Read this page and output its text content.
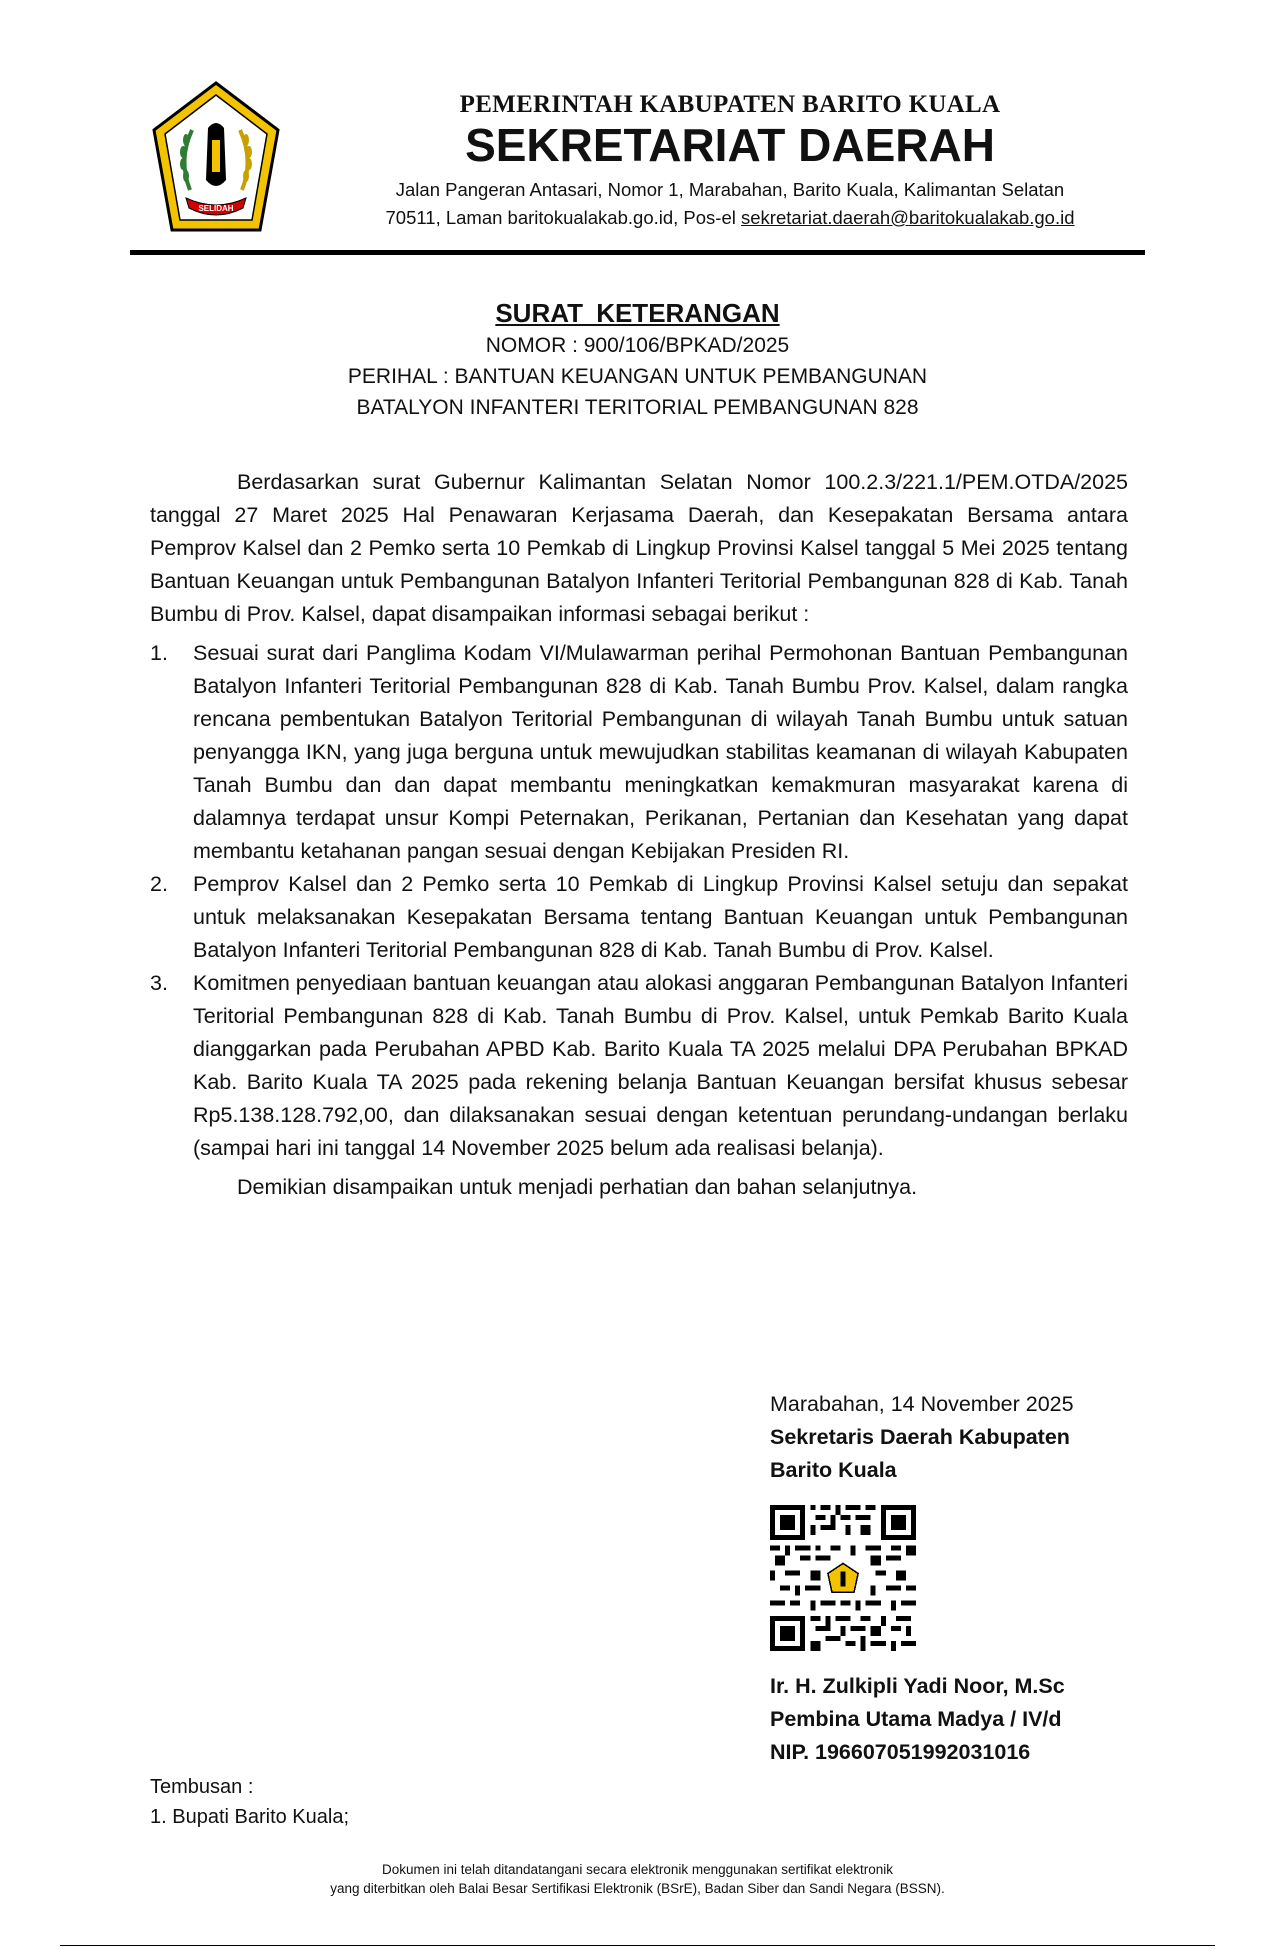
SELIDAH
PEMERINTAH KABUPATEN BARITO KUALA
SEKRETARIAT DAERAH
Jalan Pangeran Antasari, Nomor 1, Marabahan, Barito Kuala, Kalimantan Selatan
70511, Laman baritokualakab.go.id, Pos-el sekretariat.daerah@baritokualakab.go.id
SURAT KETERANGAN
NOMOR : 900/106/BPKAD/2025
PERIHAL : BANTUAN KEUANGAN UNTUK PEMBANGUNAN
BATALYON INFANTERI TERITORIAL PEMBANGUNAN 828

Berdasarkan surat Gubernur Kalimantan Selatan Nomor 100.2.3/221.1/PEM.OTDA/2025 tanggal 27 Maret 2025 Hal Penawaran Kerjasama Daerah, dan Kesepakatan Bersama antara Pemprov Kalsel dan 2 Pemko serta 10 Pemkab di Lingkup Provinsi Kalsel tanggal 5 Mei 2025 tentang Bantuan Keuangan untuk Pembangunan Batalyon Infanteri Teritorial Pembangunan 828 di Kab. Tanah Bumbu di Prov. Kalsel, dapat disampaikan informasi sebagai berikut :

1. Sesuai surat dari Panglima Kodam VI/Mulawarman perihal Permohonan Bantuan Pembangunan Batalyon Infanteri Teritorial Pembangunan 828 di Kab. Tanah Bumbu Prov. Kalsel, dalam rangka rencana pembentukan Batalyon Teritorial Pembangunan di wilayah Tanah Bumbu untuk satuan penyangga IKN, yang juga berguna untuk mewujudkan stabilitas keamanan di wilayah Kabupaten Tanah Bumbu dan dan dapat membantu meningkatkan kemakmuran masyarakat karena di dalamnya terdapat unsur Kompi Peternakan, Perikanan, Pertanian dan Kesehatan yang dapat membantu ketahanan pangan sesuai dengan Kebijakan Presiden RI.
2. Pemprov Kalsel dan 2 Pemko serta 10 Pemkab di Lingkup Provinsi Kalsel setuju dan sepakat untuk melaksanakan Kesepakatan Bersama tentang Bantuan Keuangan untuk Pembangunan Batalyon Infanteri Teritorial Pembangunan 828 di Kab. Tanah Bumbu di Prov. Kalsel.
3. Komitmen penyediaan bantuan keuangan atau alokasi anggaran Pembangunan Batalyon Infanteri Teritorial Pembangunan 828 di Kab. Tanah Bumbu di Prov. Kalsel, untuk Pemkab Barito Kuala dianggarkan pada Perubahan APBD Kab. Barito Kuala TA 2025 melalui DPA Perubahan BPKAD Kab. Barito Kuala TA 2025 pada rekening belanja Bantuan Keuangan bersifat khusus sebesar Rp5.138.128.792,00, dan dilaksanakan sesuai dengan ketentuan perundang-undangan berlaku (sampai hari ini tanggal 14 November 2025 belum ada realisasi belanja).

Demikian disampaikan untuk menjadi perhatian dan bahan selanjutnya.

Marabahan, 14 November 2025
Sekretaris Daerah Kabupaten
Barito Kuala
Ir. H. Zulkipli Yadi Noor, M.Sc
Pembina Utama Madya / IV/d
NIP. 196607051992031016
Tembusan :
1. Bupati Barito Kuala;
Dokumen ini telah ditandatangani secara elektronik menggunakan sertifikat elektronik
yang diterbitkan oleh Balai Besar Sertifikasi Elektronik (BSrE), Badan Siber dan Sandi Negara (BSSN).
